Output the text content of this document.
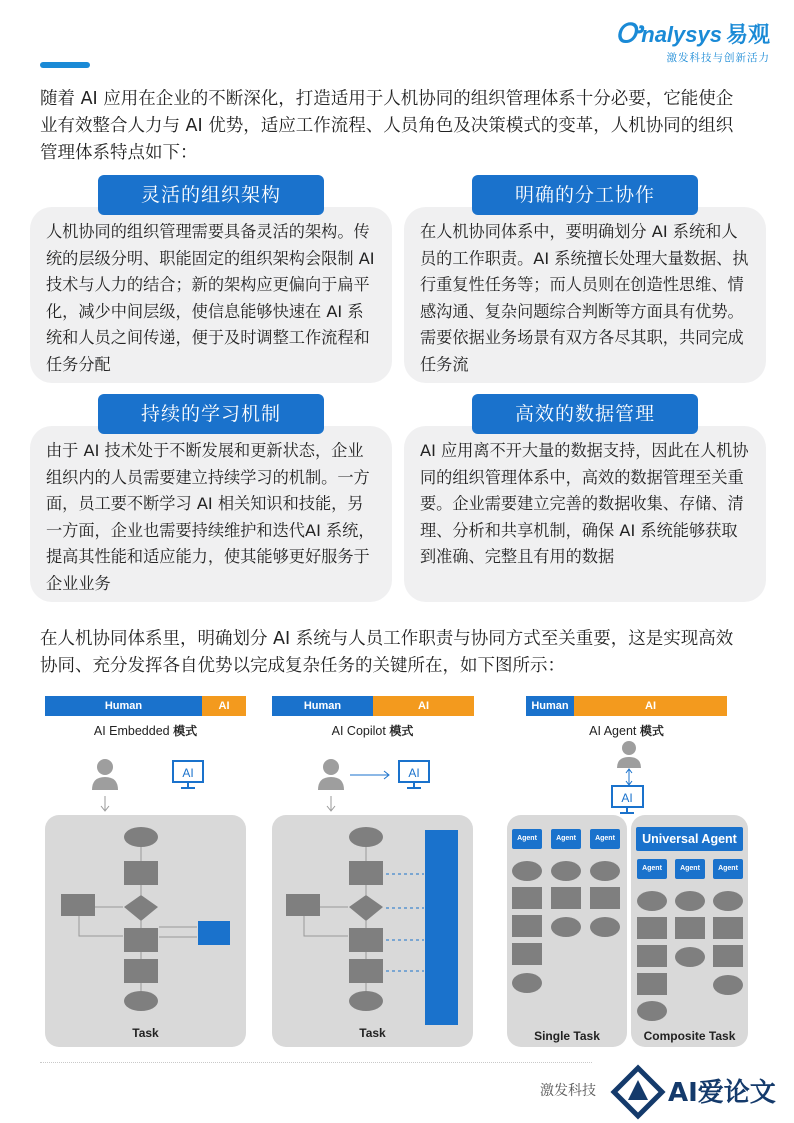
Ꭴnalysys 易观
激发科技与创新活力
随着 AI 应用在企业的不断深化，打造适用于人机协同的组织管理体系十分必要，它能使企业有效整合人力与 AI 优势，适应工作流程、人员角色及决策模式的变革，人机协同的组织管理体系特点如下：
灵活的组织架构
人机协同的组织管理需要具备灵活的架构。传统的层级分明、职能固定的组织架构会限制 AI 技术与人力的结合；新的架构应更偏向于扁平化，减少中间层级，使信息能够快速在 AI 系统和人员之间传递，便于及时调整工作流程和任务分配
明确的分工协作
在人机协同体系中，要明确划分 AI 系统和人员的工作职责。AI 系统擅长处理大量数据、执行重复性任务等；而人员则在创造性思维、情感沟通、复杂问题综合判断等方面具有优势。需要依据业务场景有双方各尽其职，共同完成任务流
持续的学习机制
由于 AI 技术处于不断发展和更新状态，企业组织内的人员需要建立持续学习的机制。一方面，员工要不断学习 AI 相关知识和技能，另一方面，企业也需要持续维护和迭代AI 系统，提高其性能和适应能力，使其能够更好服务于企业业务
高效的数据管理
AI 应用离不开大量的数据支持，因此在人机协同的组织管理体系中，高效的数据管理至关重要。企业需要建立完善的数据收集、存储、清理、分析和共享机制，确保 AI 系统能够获取到准确、完整且有用的数据
在人机协同体系里，明确划分 AI 系统与人员工作职责与协同方式至关重要，这是实现高效协同、充分发挥各自优势以完成复杂任务的关键所在，如下图所示：
Human	AI
AI Embedded 模式
AI
Task
Human	AI
AI Copilot 模式
AI
Task
Human	AI
AI Agent 模式
AI
Agent	Agent	Agent
Single Task
Universal Agent
Agent	Agent	Agent
Composite Task
激发科技	AI爱论文
